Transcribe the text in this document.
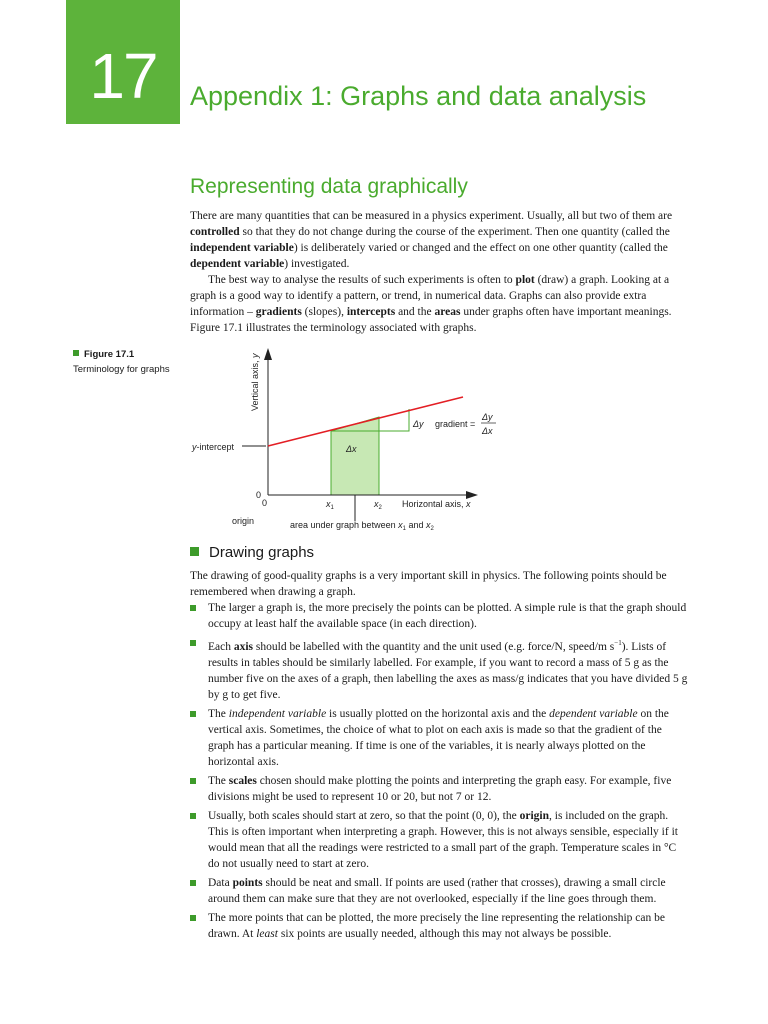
17	Appendix 1: Graphs and data analysis
Representing data graphically

There are many quantities that can be measured in a physics experiment. Usually, all but two of them are controlled so that they do not change during the course of the experiment. Then one quantity (called the independent variable) is deliberately varied or changed and the effect on one other quantity (called the dependent variable) investigated.

The best way to analyse the results of such experiments is often to plot (draw) a graph. Looking at a graph is a good way to identify a pattern, or trend, in numerical data. Graphs can also provide extra information – gradients (slopes), intercepts and the areas under graphs often have important meanings. Figure 17.1 illustrates the terminology associated with graphs.

Figure 17.1
Terminology for graphs	Vertical axis, y
y-intercept
0
0
origin
$x_1$	$x_2$ Horizontal axis, x
Δx
Δy gradient =
Δy
Δx
area under graph between $x_1$ and $x_2$
Drawing graphs

The drawing of good-quality graphs is a very important skill in physics. The following points should be remembered when drawing a graph.

The larger a graph is, the more precisely the points can be plotted. A simple rule is that the graph should occupy at least half the available space (in each direction).
Each axis should be labelled with the quantity and the unit used (e.g. force/N, speed/m $s^{-1}$). Lists of results in tables should be similarly labelled. For example, if you want to record a mass of 5 g as the number five on the axes of a graph, then labelling the axes as mass/g indicates that you have divided 5 g by g to get five.
The independent variable is usually plotted on the horizontal axis and the dependent variable on the vertical axis. Sometimes, the choice of what to plot on each axis is made so that the gradient of the graph has a particular meaning. If time is one of the variables, it is nearly always plotted on the horizontal axis.
The scales chosen should make plotting the points and interpreting the graph easy. For example, five divisions might be used to represent 10 or 20, but not 7 or 12.
Usually, both scales should start at zero, so that the point (0, 0), the origin, is included on the graph. This is often important when interpreting a graph. However, this is not always sensible, especially if it would mean that all the readings were restricted to a small part of the graph. Temperature scales in °C do not usually need to start at zero.
Data points should be neat and small. If points are used (rather that crosses), drawing a small circle around them can make sure that they are not overlooked, especially if the line goes through them.
The more points that can be plotted, the more precisely the line representing the relationship can be drawn. At least six points are usually needed, although this may not always be possible.
